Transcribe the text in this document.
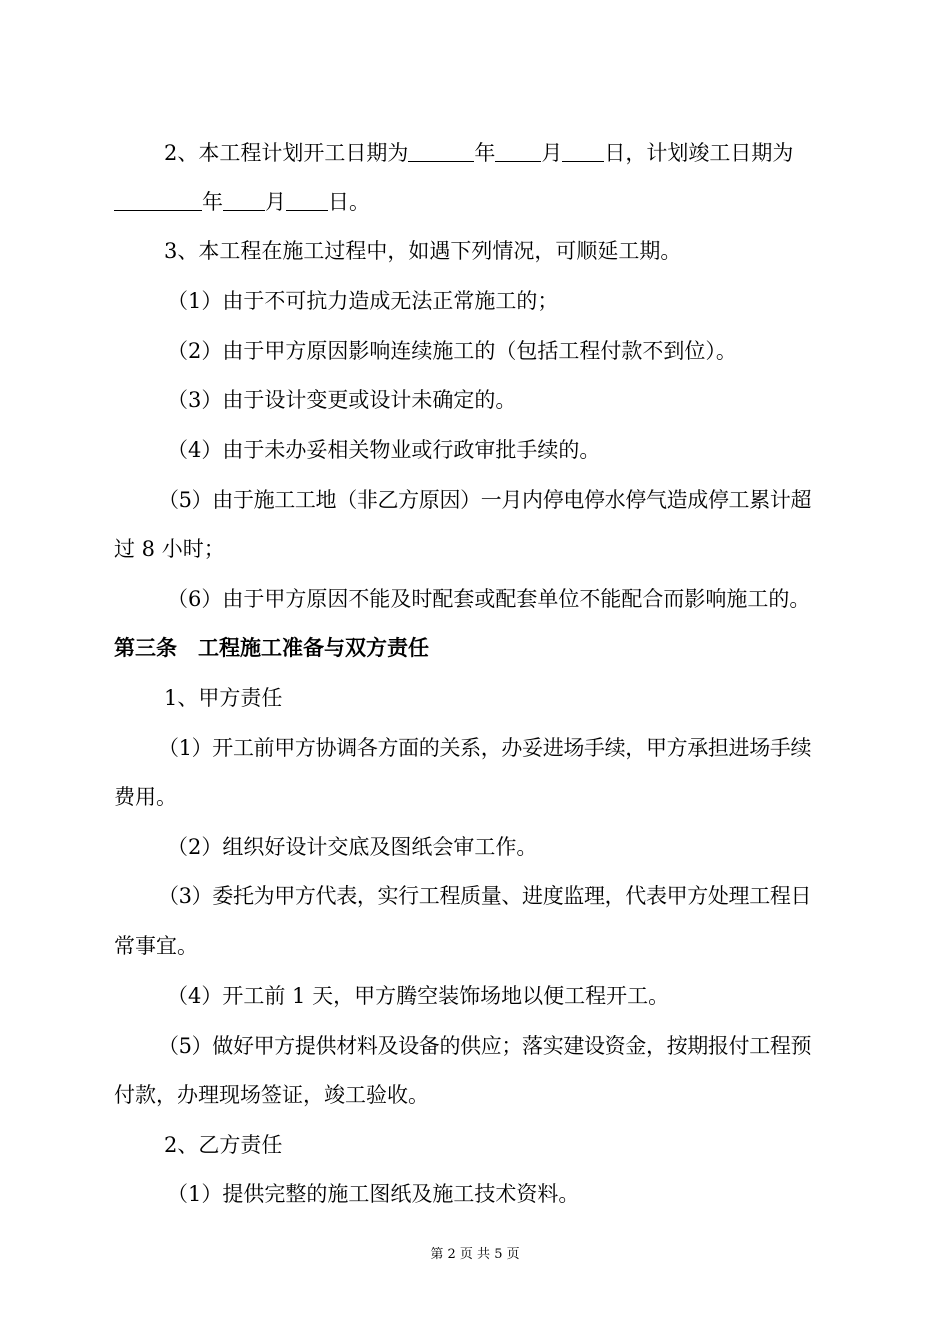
2、本工程计划开工日期为	年 月 日，计划竣工日期为
年 月 日。
3、本工程在施工过程中，如遇下列情况，可顺延工期。
（1）由于不可抗力造成无法正常施工的；
（2）由于甲方原因影响连续施工的（包括工程付款不到位）。
（3）由于设计变更或设计未确定的。
（4）由于未办妥相关物业或行政审批手续的。
（5）由于施工工地（非乙方原因）一月内停电停水停气造成停工累计超
过 8 小时；
（6）由于甲方原因不能及时配套或配套单位不能配合而影响施工的。
第三条　工程施工准备与双方责任
1、甲方责任
（1）开工前甲方协调各方面的关系，办妥进场手续，甲方承担进场手续
费用。
（2）组织好设计交底及图纸会审工作。
（3）委托为甲方代表，实行工程质量、进度监理，代表甲方处理工程日
常事宜。
（4）开工前 1 天，甲方腾空装饰场地以便工程开工。
（5）做好甲方提供材料及设备的供应；落实建设资金，按期报付工程预
付款，办理现场签证，竣工验收。
2、乙方责任
（1）提供完整的施工图纸及施工技术资料。
第 2 页 共 5 页
